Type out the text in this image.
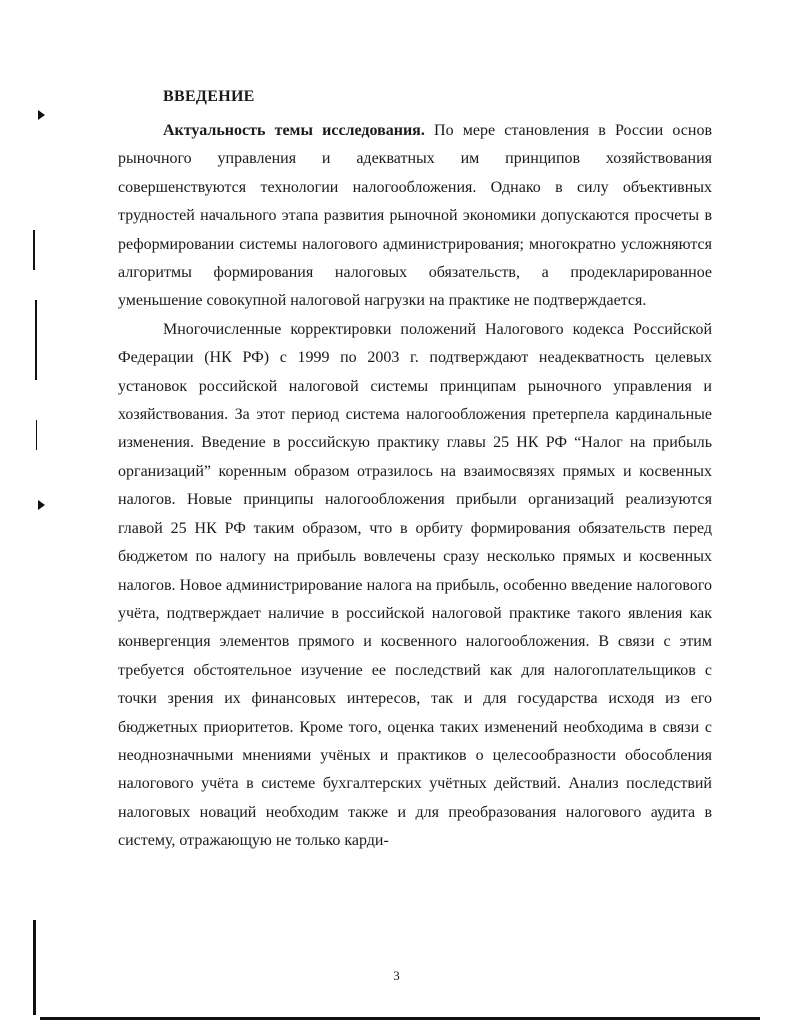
ВВЕДЕНИЕ

Актуальность темы исследования. По мере становления в России основ рыночного управления и адекватных им принципов хозяйствования совершенствуются технологии налогообложения. Однако в силу объективных трудностей начального этапа развития рыночной экономики допускаются просчеты в реформировании системы налогового администрирования; многократно усложняются алгоритмы формирования налоговых обязательств, а продекларированное уменьшение совокупной налоговой нагрузки на практике не подтверждается.

Многочисленные корректировки положений Налогового кодекса Российской Федерации (НК РФ) с 1999 по 2003 г. подтверждают неадекватность целевых установок российской налоговой системы принципам рыночного управления и хозяйствования. За этот период система налогообложения претерпела кардинальные изменения. Введение в российскую практику главы 25 НК РФ “Налог на прибыль организаций” коренным образом отразилось на взаимосвязях прямых и косвенных налогов. Новые принципы налогообложения прибыли организаций реализуются главой 25 НК РФ таким образом, что в орбиту формирования обязательств перед бюджетом по налогу на прибыль вовлечены сразу несколько прямых и косвенных налогов. Новое администрирование налога на прибыль, особенно введение налогового учёта, подтверждает наличие в российской налоговой практике такого явления как конвергенция элементов прямого и косвенного налогообложения. В связи с этим требуется обстоятельное изучение ее последствий как для налогоплательщиков с точки зрения их финансовых интересов, так и для государства исходя из его бюджетных приоритетов. Кроме того, оценка таких изменений необходима в связи с неоднозначными мнениями учёных и практиков о целесообразности обособления налогового учёта в системе бухгалтерских учётных действий. Анализ последствий налоговых новаций необходим также и для преобразования налогового аудита в систему, отражающую не только карди-

3
